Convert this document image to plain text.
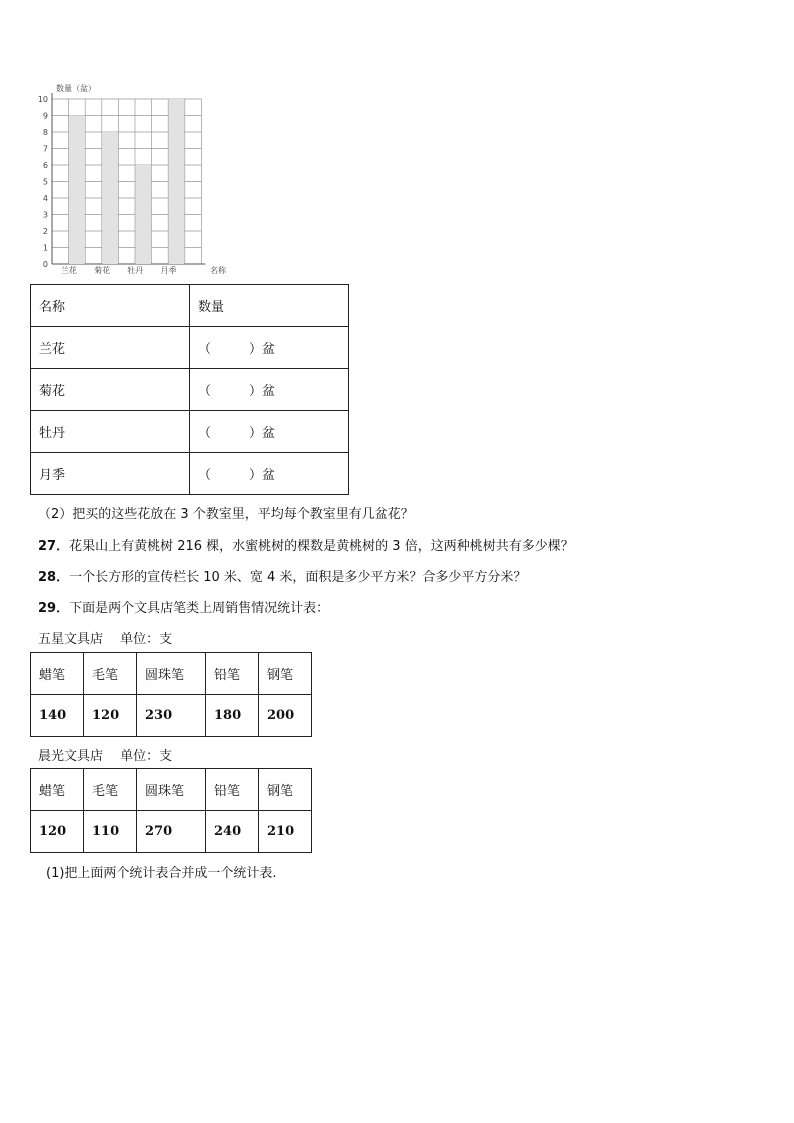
0
1
2
3
4
5
6
7
8
9
10
兰花 菊花 牡丹 月季
数量（盆）
名称
名称	数量
兰花	（ ）盆
菊花	（ ）盆
牡丹	（ ）盆
月季	（ ）盆
（2）把买的这些花放在 3 个教室里，平均每个教室里有几盆花？
27．花果山上有黄桃树 216 棵，水蜜桃树的棵数是黄桃树的 3 倍，这两种桃树共有多少棵？
28．一个长方形的宣传栏长 10 米、宽 4 米，面积是多少平方米？合多少平方分米？
29．下面是两个文具店笔类上周销售情况统计表：
五星文具店　 单位：支
蜡笔	毛笔	圆珠笔	铅笔	钢笔
140	120	230	180	200
晨光文具店　 单位：支
蜡笔	毛笔	圆珠笔	铅笔	钢笔
120	110	270	240	210
(1)把上面两个统计表合并成一个统计表.
